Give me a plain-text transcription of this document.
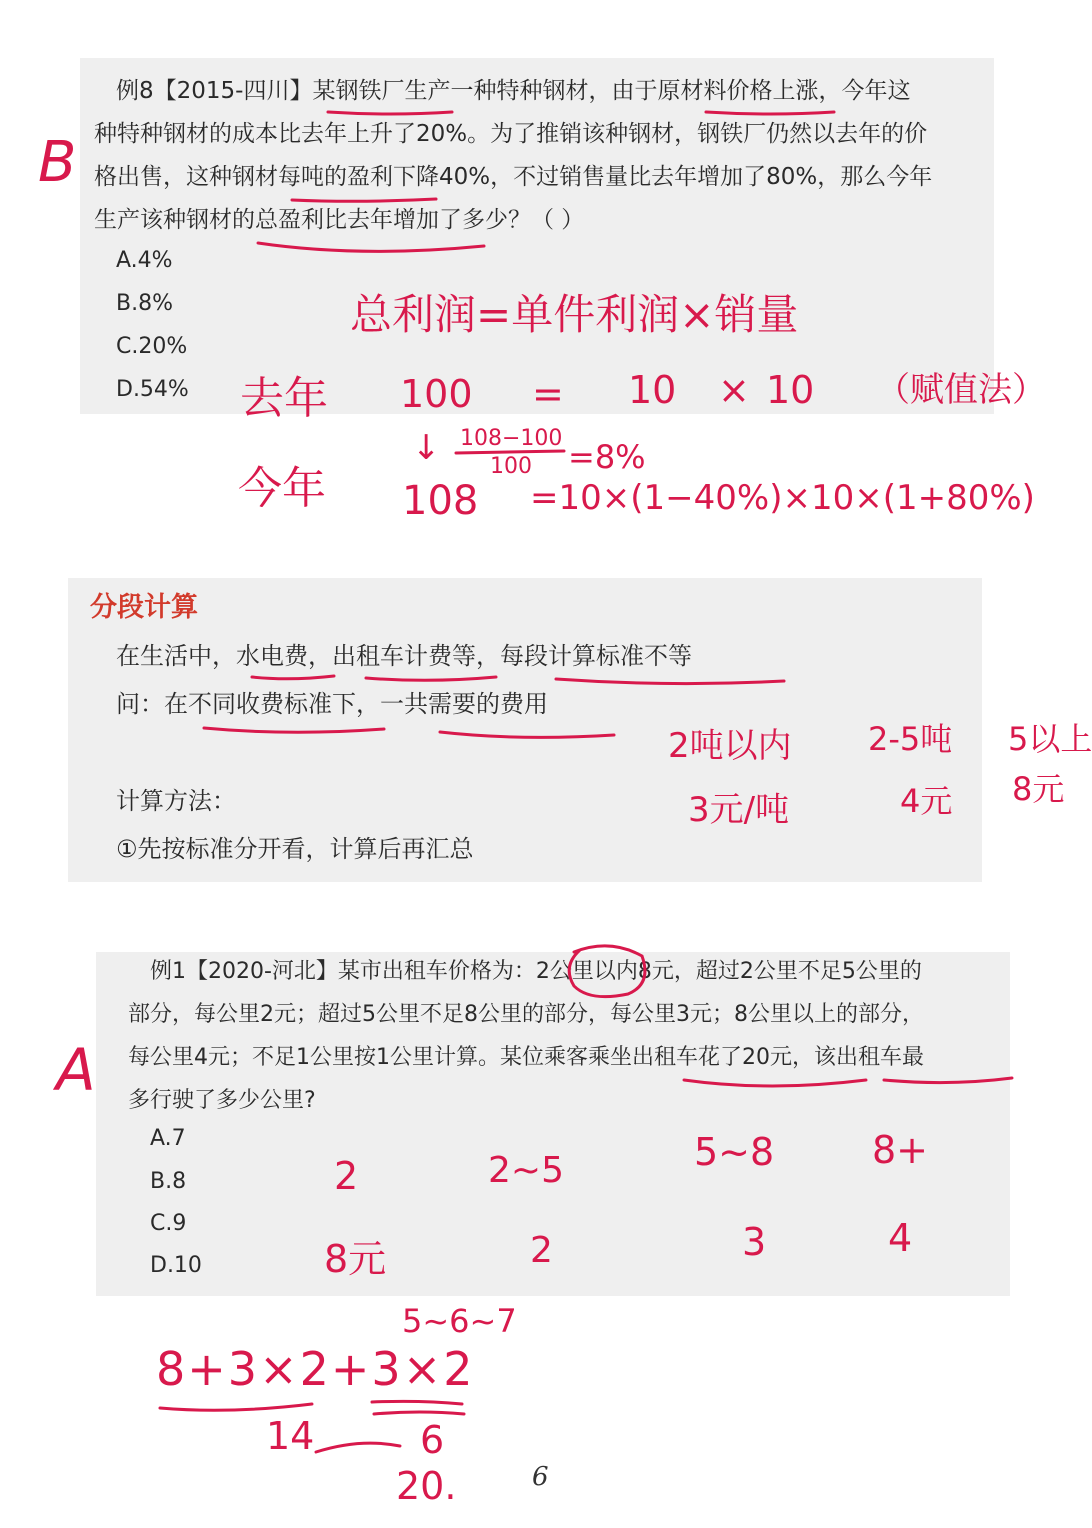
例8【2015-四川】某钢铁厂生产一种特种钢材，由于原材料价格上涨，今年这

种特种钢材的成本比去年上升了20%。为了推销该种钢材，钢铁厂仍然以去年的价

格出售，这种钢材每吨的盈利下降40%，不过销售量比去年增加了80%，那么今年

生产该种钢材的总盈利比去年增加了多少？（ ）

A.4%
B.8%
C.20%
D.54%
分段计算

在生活中，水电费，出租车计费等，每段计算标准不等

问：在不同收费标准下，一共需要的费用

计算方法：

①先按标准分开看，计算后再汇总

例1【2020-河北】某市出租车价格为：2公里以内8元，超过2公里不足5公里的

部分，每公里2元；超过5公里不足8公里的部分，每公里3元；8公里以上的部分，

每公里4元；不足1公里按1公里计算。某位乘客乘坐出租车花了20元，该出租车最

多行驶了多少公里?

A.7
B.8
C.9
D.10
B
总利润=单件利润×销量
去年
今年
100 = 10 × 10 （赋值法）
↓ 108−100
100 =8%
108 =10×(1−40%)×10×(1+80%)
2吨以内 2-5吨 5以上
3元/吨	4元 8元
A
2	2~5	5~8	8+
8元	2	3	4
5~6~7
8+3×2+3×2
14	6
20.	6
